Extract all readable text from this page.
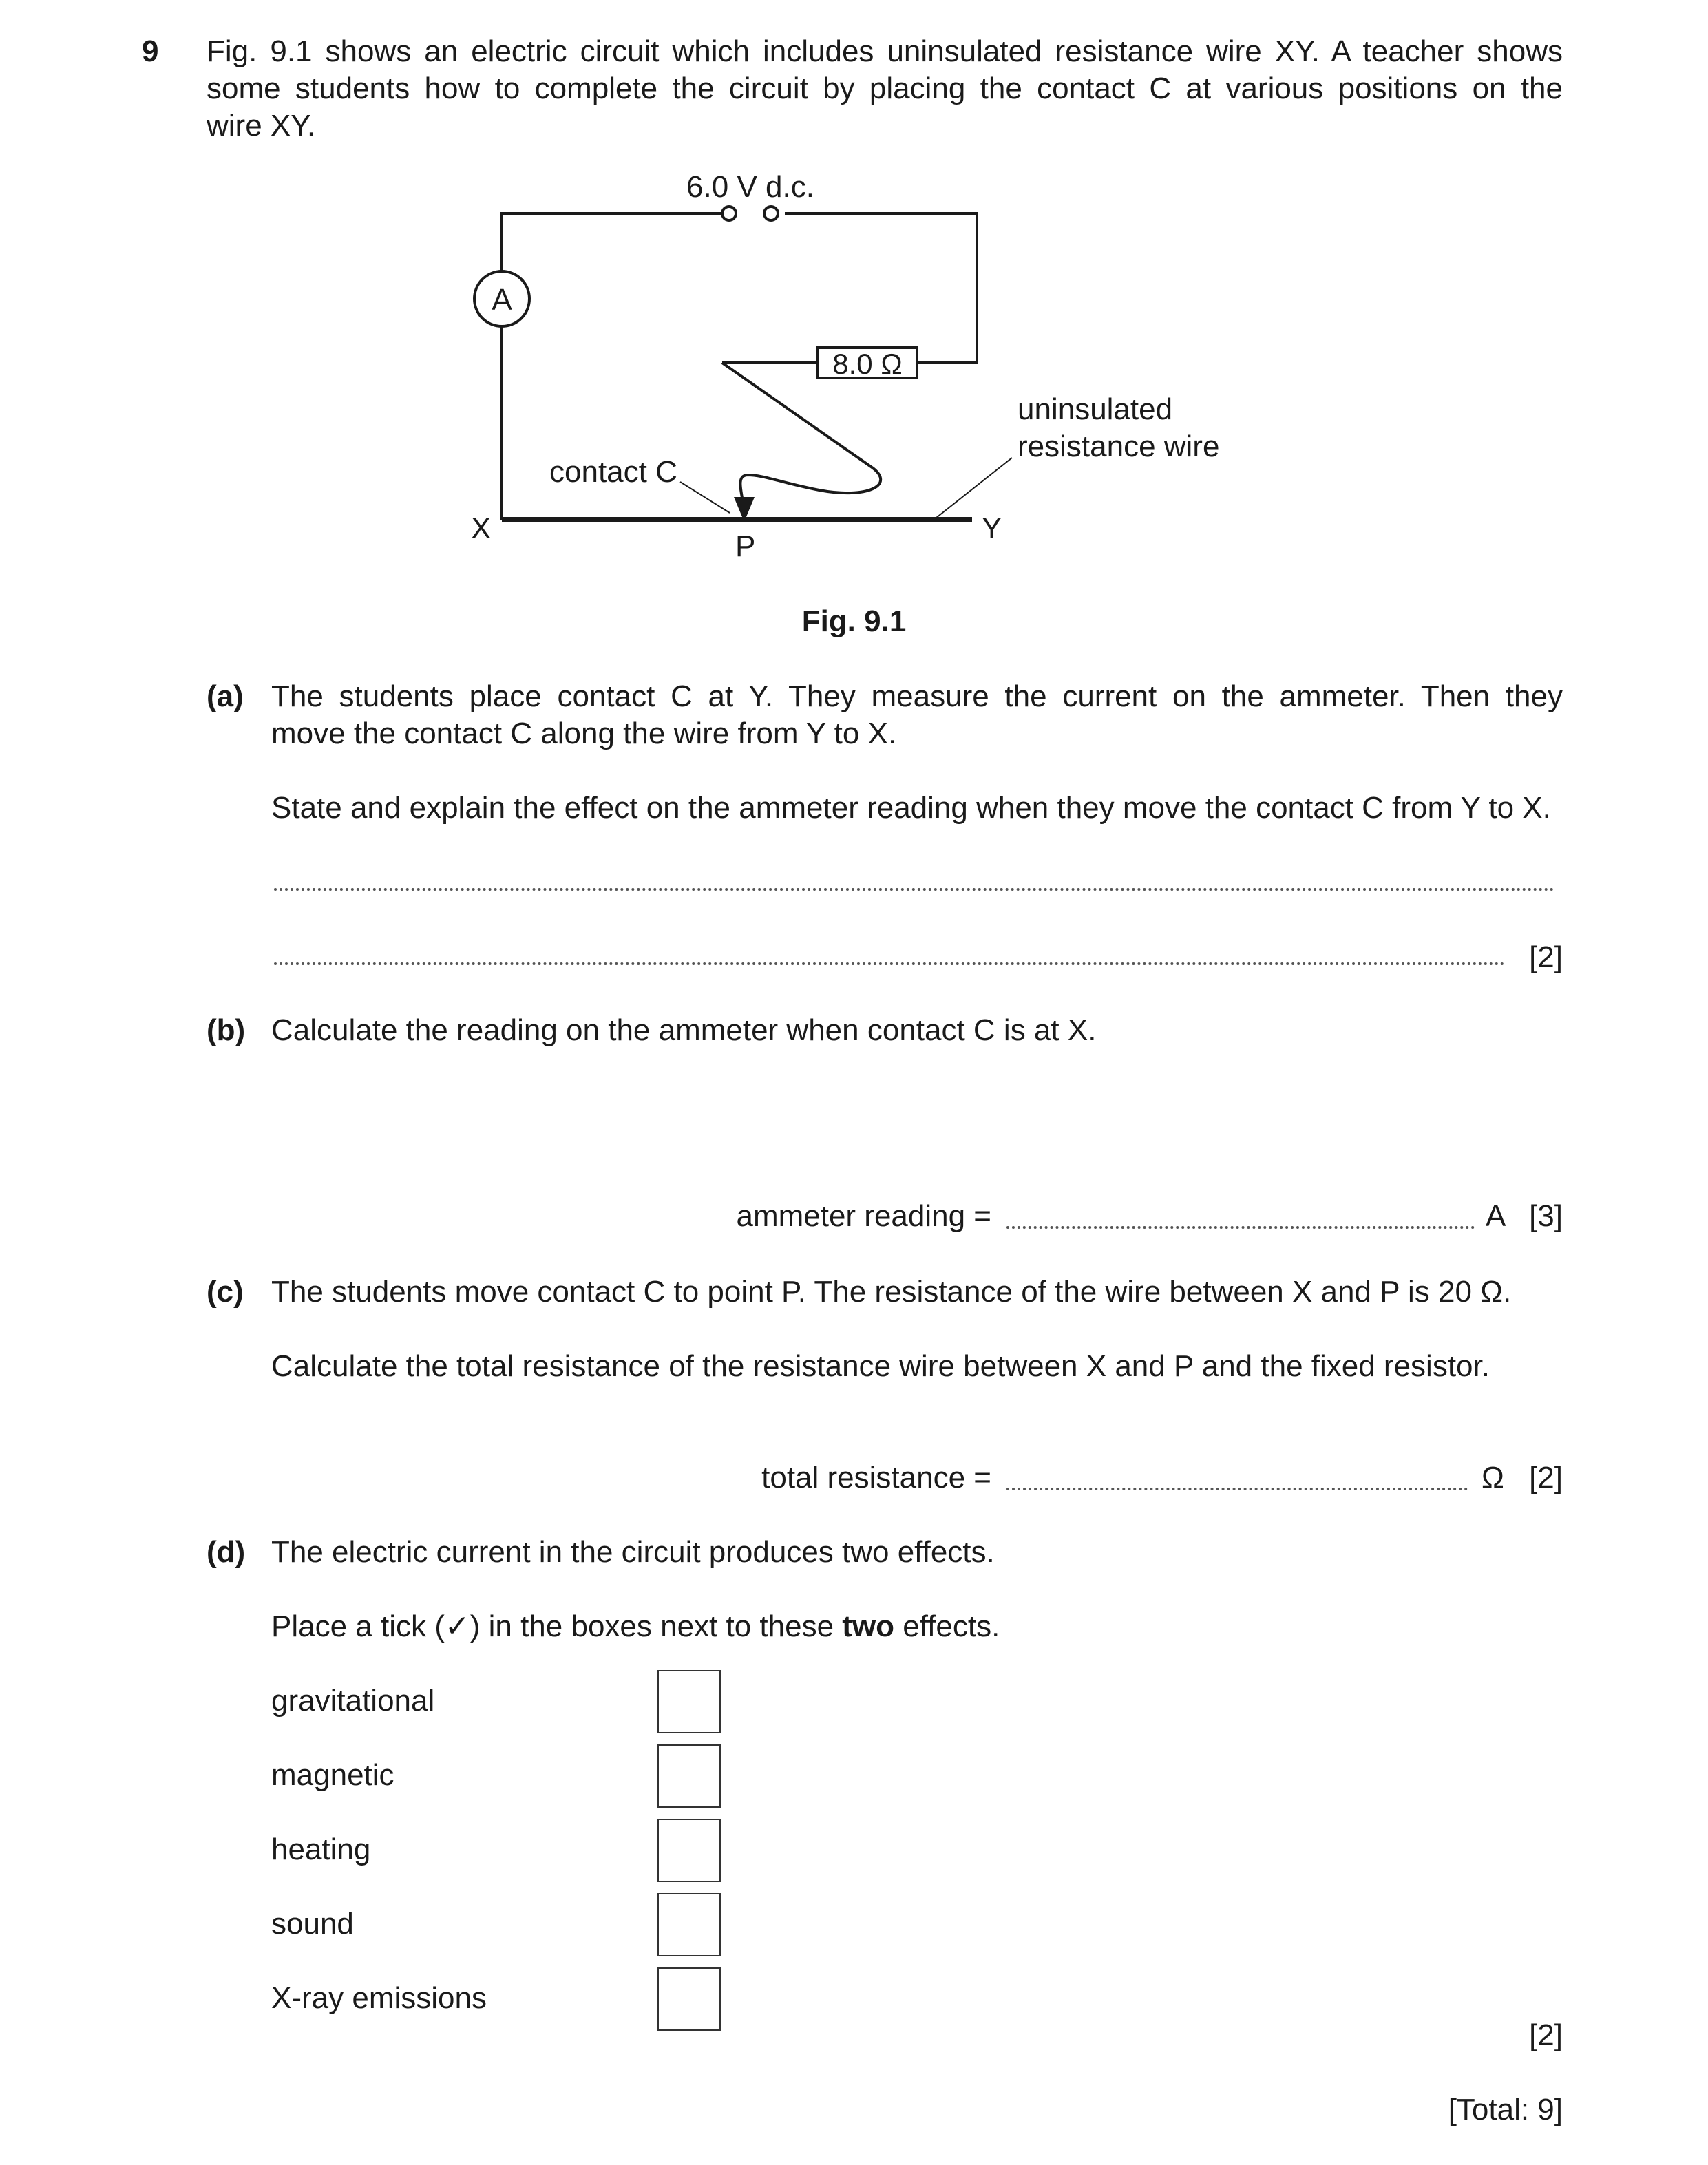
9 Fig. 9.1 shows an electric circuit which includes uninsulated resistance wire XY. A teacher shows
some students how to complete the circuit by placing the contact C at various positions on the
wire XY.
A
8.0 Ω
6.0 V d.c.
uninsulated
resistance wire
contact C
X	Y
P
Fig. 9.1
(a) The students place contact C at Y. They measure the current on the ammeter. Then they
move the contact C along the wire from Y to X.
State and explain the effect on the ammeter reading when they move the contact C from Y to X.
[2]
(b) Calculate the reading on the ammeter when contact C is at X.
ammeter reading =	A [3]
(c) The students move contact C to point P. The resistance of the wire between X and P is 20 Ω.
Calculate the total resistance of the resistance wire between X and P and the fixed resistor.
total resistance =	Ω [2]
(d) The electric current in the circuit produces two effects.
Place a tick (✓) in the boxes next to these two effects.
gravitational
magnetic
heating
sound
X-ray emissions
[2]
[Total: 9]
